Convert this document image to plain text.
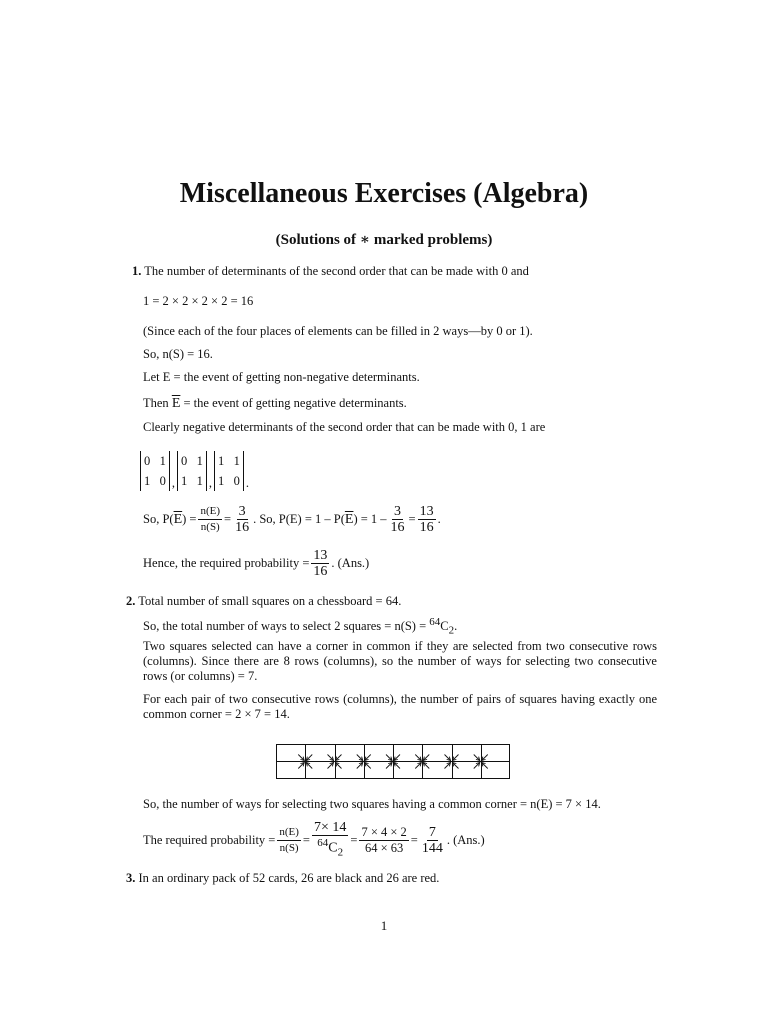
Miscellaneous Exercises (Algebra)
(Solutions of ∗ marked problems)
1. The number of determinants of the second order that can be made with 0 and
1 = 2 × 2 × 2 × 2 = 16
(Since each of the four places of elements can be filled in 2 ways—by 0 or 1).
So, n(S) = 16.
Let E = the event of getting non-negative determinants.
Then $\overline{E}$ = the event of getting negative determinants.
Clearly negative determinants of the second order that can be made with 0, 1 are
0   1
1   0 ,
0   1
1   1 ,
1   1
1   0 .
So, P( $\overline{E}$ ) = $\frac{n(E)}{n(S)} = \frac{3}{16}$ . So, P(E) = 1 – P( $\overline{E}$ ) = $1 - \frac{3}{16} = \frac{13}{16}$ .
Hence, the required probability = $\frac{13}{16}$ . (Ans.)
2. Total number of small squares on a chessboard = 64.
So, the total number of ways to select 2 squares = $n(S) = ^{64}C_2$.
Two squares selected can have a corner in common if they are selected from two consecutive rows (columns). Since there are 8 rows (columns), so the number of ways for selecting two consecutive rows (or columns) = 7.
For each pair of two consecutive rows (columns), the number of pairs of squares having exactly one common corner = 2 × 7 = 14.
So, the number of ways for selecting two squares having a common corner = n(E) = 7 × 14.
The required probability = $\frac{n(E)}{n(S)} = \frac{7\times 14}{^{64}C_2} = \frac{7 \times 4 \times 2}{64 \times 63} = \frac{7}{144}$ . (Ans.)
3. In an ordinary pack of 52 cards, 26 are black and 26 are red.
1
